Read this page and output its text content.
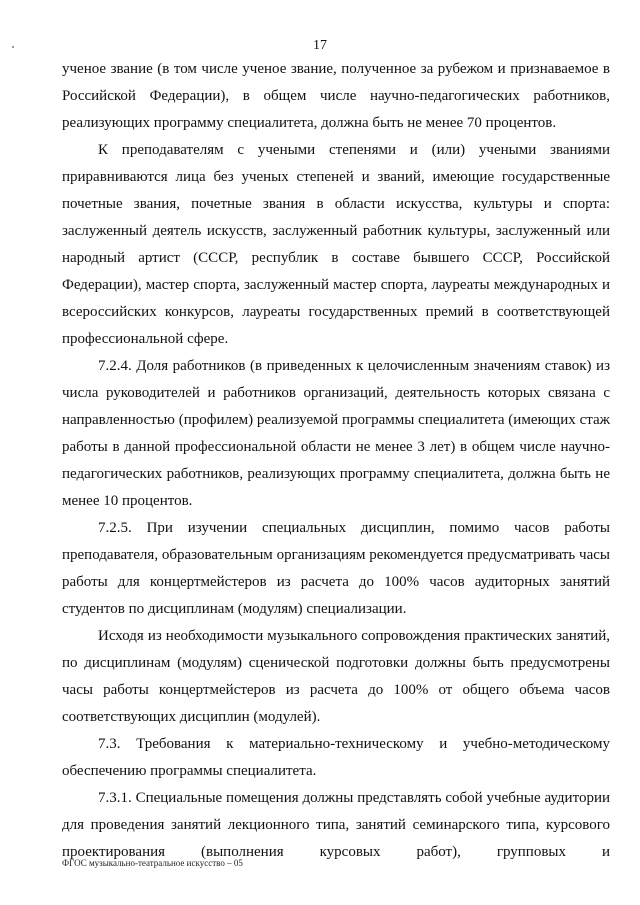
17

ученое звание (в том числе ученое звание, полученное за рубежом и признаваемое в Российской Федерации), в общем числе научно-педагогических работников, реализующих программу специалитета, должна быть не менее 70 процентов.

К преподавателям с учеными степенями и (или) учеными званиями приравниваются лица без ученых степеней и званий, имеющие государственные почетные звания, почетные звания в области искусства, культуры и спорта: заслуженный деятель искусств, заслуженный работник культуры, заслуженный или народный артист (СССР, республик в составе бывшего СССР, Российской Федерации), мастер спорта, заслуженный мастер спорта, лауреаты международных и всероссийских конкурсов, лауреаты государственных премий в соответствующей профессиональной сфере.

7.2.4. Доля работников (в приведенных к целочисленным значениям ставок) из числа руководителей и работников организаций, деятельность которых связана с направленностью (профилем) реализуемой программы специалитета (имеющих стаж работы в данной профессиональной области не менее 3 лет) в общем числе научно-педагогических работников, реализующих программу специалитета, должна быть не менее 10 процентов.

7.2.5. При изучении специальных дисциплин, помимо часов работы преподавателя, образовательным организациям рекомендуется предусматривать часы работы для концертмейстеров из расчета до 100% часов аудиторных занятий студентов по дисциплинам (модулям) специализации.

Исходя из необходимости музыкального сопровождения практических занятий, по дисциплинам (модулям) сценической подготовки должны быть предусмотрены часы работы концертмейстеров из расчета до 100% от общего объема часов соответствующих дисциплин (модулей).

7.3. Требования к материально-техническому и учебно-методическому обеспечению программы специалитета.

7.3.1. Специальные помещения должны представлять собой учебные аудитории для проведения занятий лекционного типа, занятий семинарского типа, курсового проектирования (выполнения курсовых работ), групповых и

ФГОС музыкально-театральное искусство – 05
